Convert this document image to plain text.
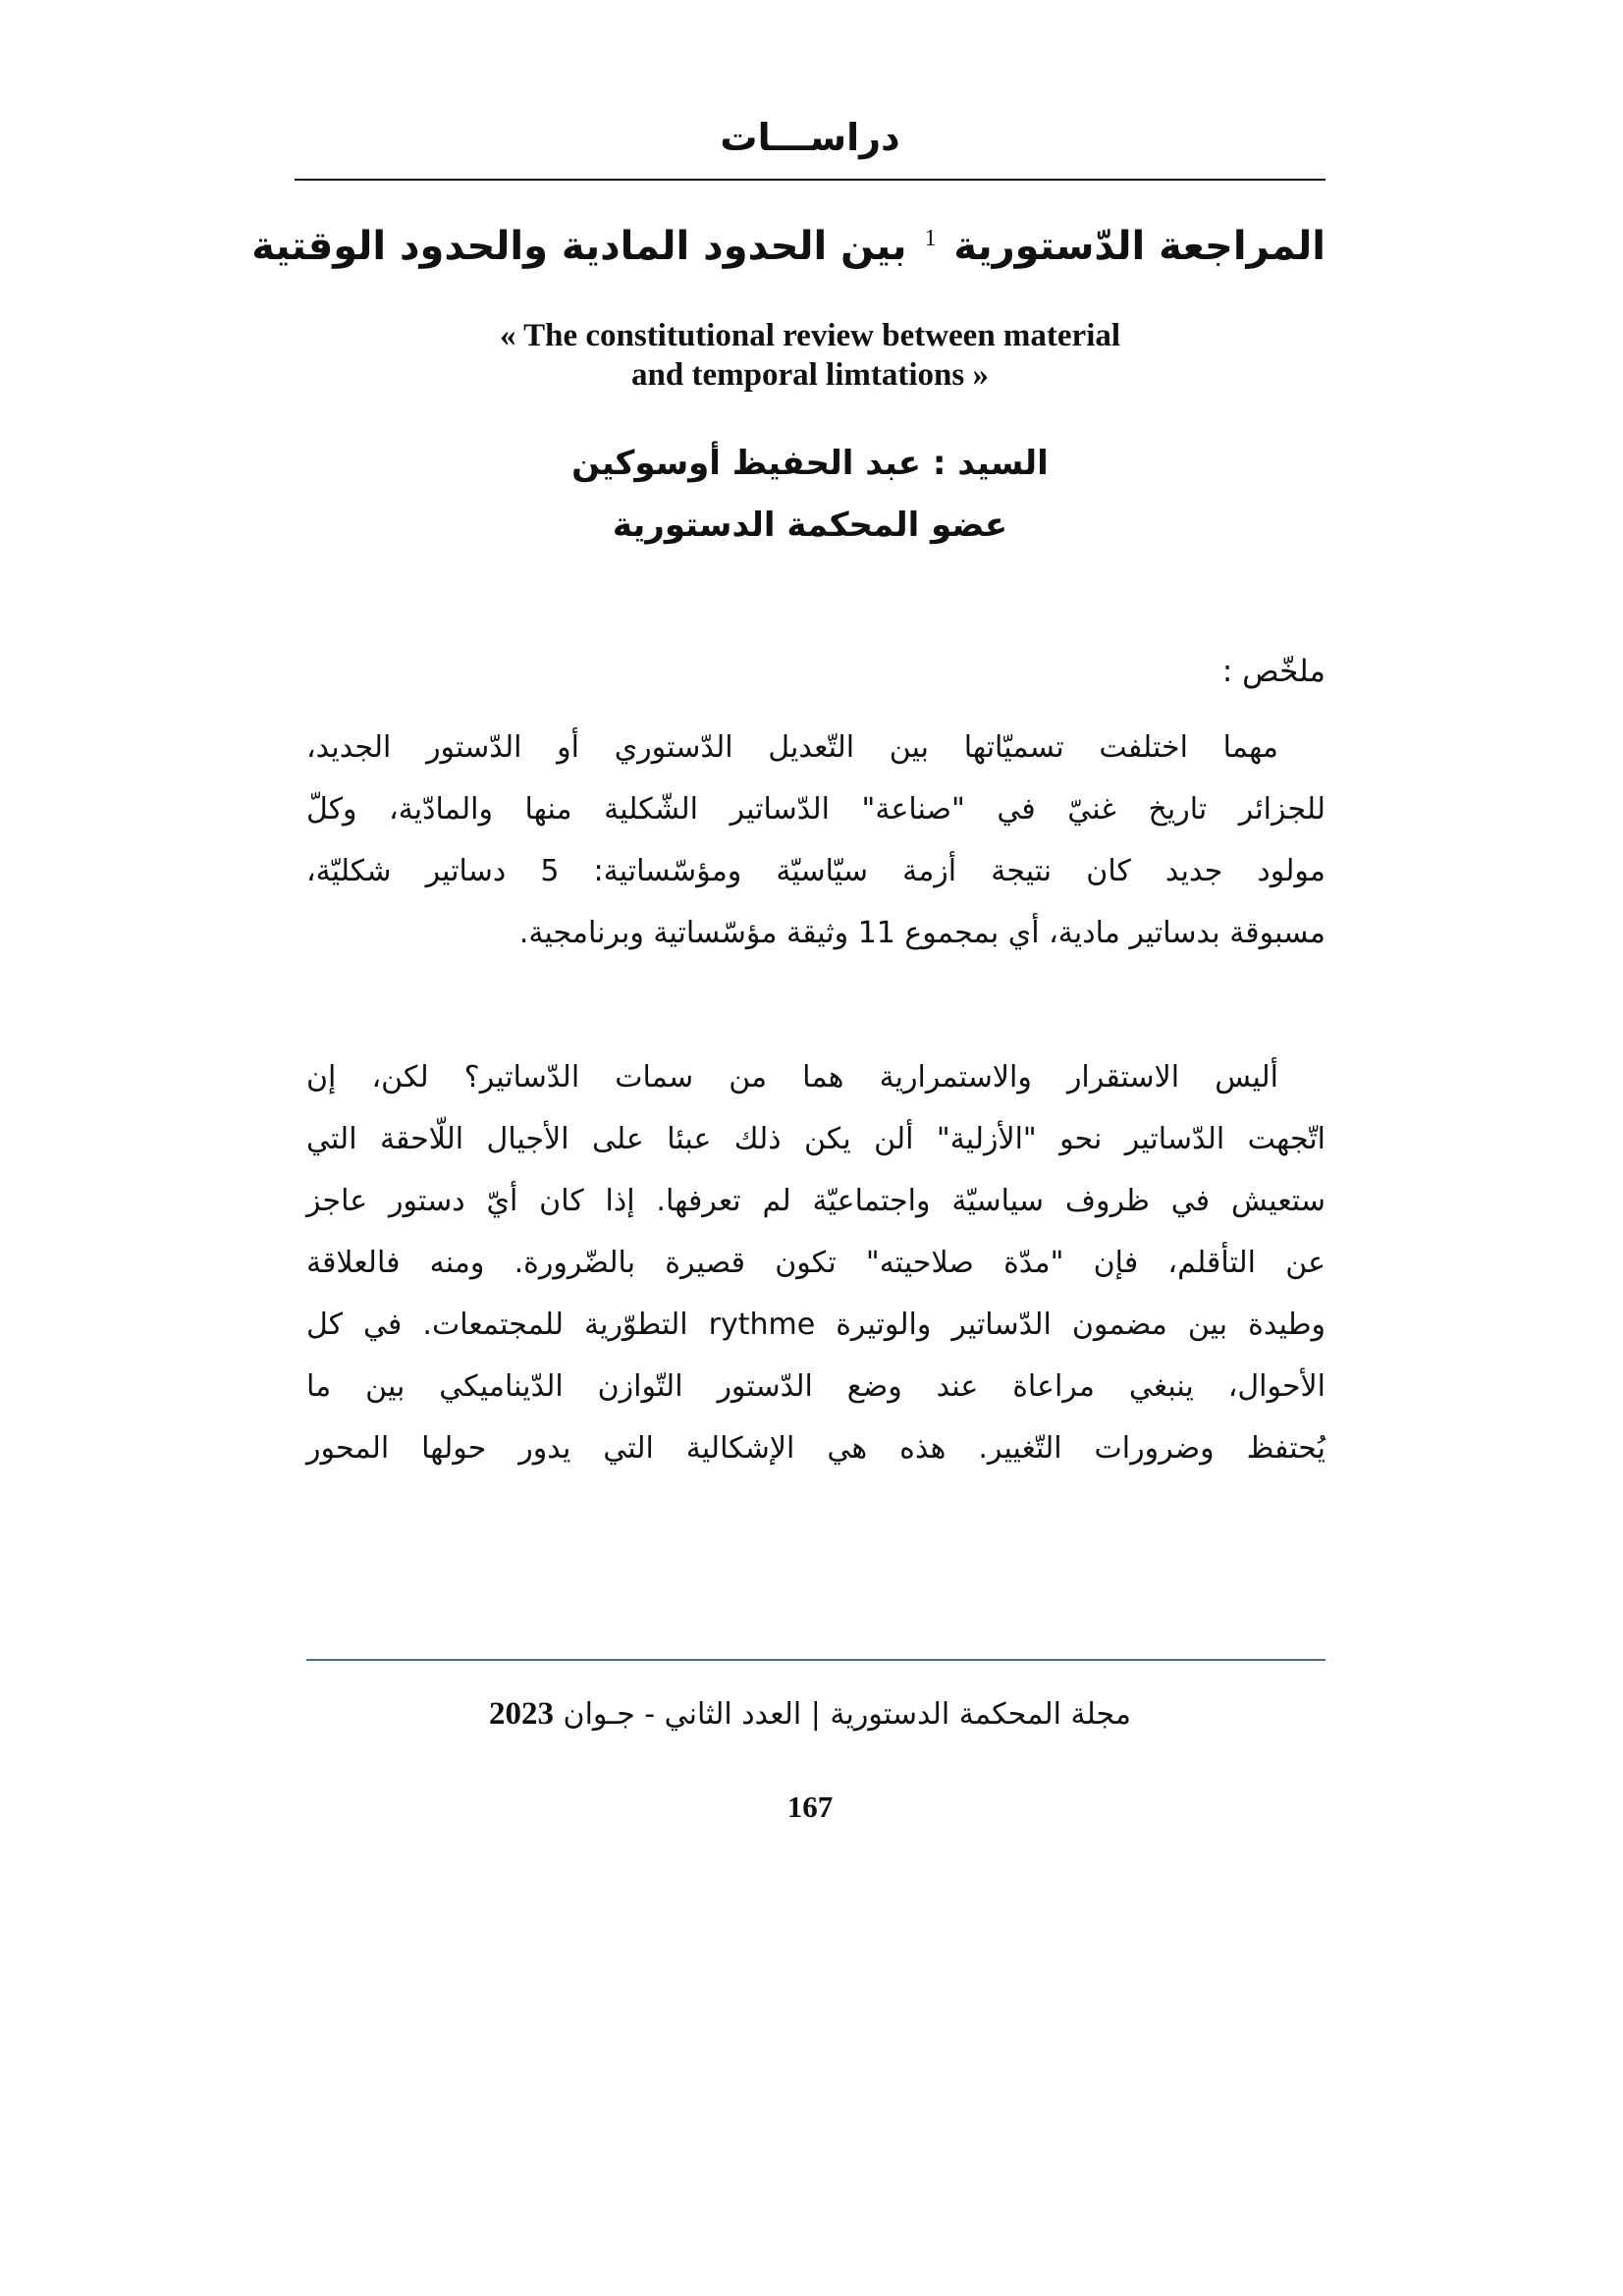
دراســـات
المراجعة الدّستورية $^1$ بين الحدود المادية والحدود الوقتية
« The constitutional review between material
and temporal limtations »
السيد : عبد الحفيظ أوسوكين
عضو المحكمة الدستورية
ملخّص :
مهما اختلفت تسميّاتها بين التّعديل الدّستوري أو الدّستور الجديد،
للجزائر تاريخ غنيّ في "صناعة" الدّساتير الشّكلية منها والمادّية، وكلّ
مولود جديد كان نتيجة أزمة سيّاسيّة ومؤسّساتية: 5 دساتير شكليّة،
مسبوقة بدساتير مادية، أي بمجموع 11 وثيقة مؤسّساتية وبرنامجية.
أليس الاستقرار والاستمرارية هما من سمات الدّساتير؟ لكن، إن
اتّجهت الدّساتير نحو "الأزلية" ألن يكن ذلك عبئا على الأجيال اللّاحقة التي
ستعيش في ظروف سياسيّة واجتماعيّة لم تعرفها. إذا كان أيّ دستور عاجز
عن التأقلم، فإن "مدّة صلاحيته" تكون قصيرة بالضّرورة. ومنه فالعلاقة
وطيدة بين مضمون الدّساتير والوتيرة rythme التطوّرية للمجتمعات. في كل
الأحوال، ينبغي مراعاة عند وضع الدّستور التّوازن الدّيناميكي بين ما
يُحتفظ وضرورات التّغيير. هذه هي الإشكالية التي يدور حولها المحور
مجلة المحكمة الدستورية | العدد الثاني - جـوان 2023
167
